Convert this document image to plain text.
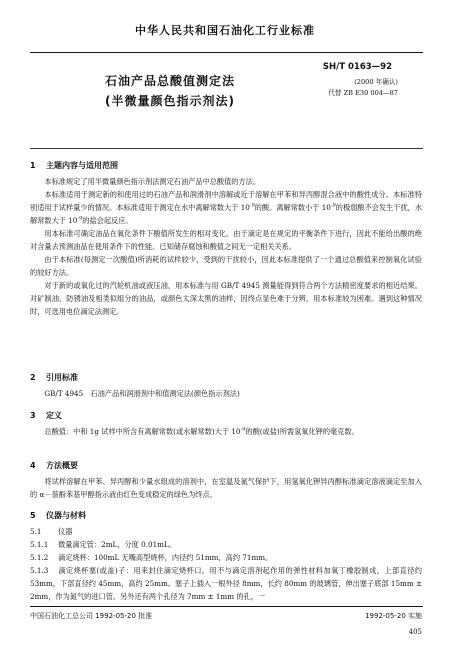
中华人民共和国石油化工行业标准
SH/T 0163—92
(2000 年确认)
代替 ZB E30 004—87
石油产品总酸值测定法
(半微量颜色指示剂法)
1 主题内容与适用范围

本标准规定了用半微量颜色指示剂法测定石油产品中总酸值的方法。

本标准适用于测定新的和使用过的石油产品和润滑剂中溶解或近于溶解在甲苯和异丙醇混合液中的酸性成分。本标准特别适用于试样量少的情况。本标准适用于测定在水中离解常数大于 $10^{-9}$的酸。离解常数小于 $10^{-9}$的极弱酸不会发生干扰，水解常数大于 $10^{-9}$的盐会起反应。

用本标准可确定油品在氧化条件下酸值所发生的相对变化。由于滴定是在规定的平衡条件下进行，因此不能给出酸的绝对含量去预测油品在使用条件下的性能。已知储存腐蚀和酸值之间无一定相关关系。

由于本标准(每测定一次酸值)所消耗的试样较少，受到的干扰较小，因此本标准提供了一个通过总酸值来控制氧化试验的较好方法。

对于新的或氧化过的汽轮机油或液压油，用本标准与用 GB/T 4945 测量能得到符合两个方法精密度要求的相近结果。对矿制油、防锈油及相类似组分的油品，或颜色太深太黑的油样，因终点显色难于分辨，用本标准较为困难。遇到这种情况时，可选用电位滴定法测定。

2 引用标准

GB/T 4945　石油产品和润滑剂中和值测定法(颜色指示剂法)

3 定义

总酸值：中和 1g 试样中所含有离解常数(或水解常数)大于 $10^{-9}$的酸(或盐)所需氢氧化钾的毫克数。

4 方法概要

将试样溶解在甲苯、异丙醇和少量水组成的溶剂中，在室温及氮气保护下，用氢氧化钾异丙醇标准滴定溶液滴定至加入的 α－萘酚苯基甲醇指示液由红色变成稳定的绿色为终点。

5 仪器与材料

5.1 仪器

5.1.1 微量滴定管：2mL，分度 0.01mL。

5.1.2 滴定烧杯：100mL 无嘴高型烧杯，内径约 51mm，高约 71mm。

5.1.3 滴定烧杯塞(或盖)子：用来封住滴定烧杯口。用不与滴定溶剂起作用的弹性材料加氧丁橡胶制成，上部直径约 53mm，下部直径约 45mm，高约 25mm。塞子上插入一根外径 8mm，长约 80mm 的玻璃管，伸出塞子底部 15mm ± 2mm，作为氮气的进口管。另外还有两个孔径为 7mm ± 1mm 的孔，一

中国石油化工总公司 1992-05-20 批准	1992-05-20 实施
405
